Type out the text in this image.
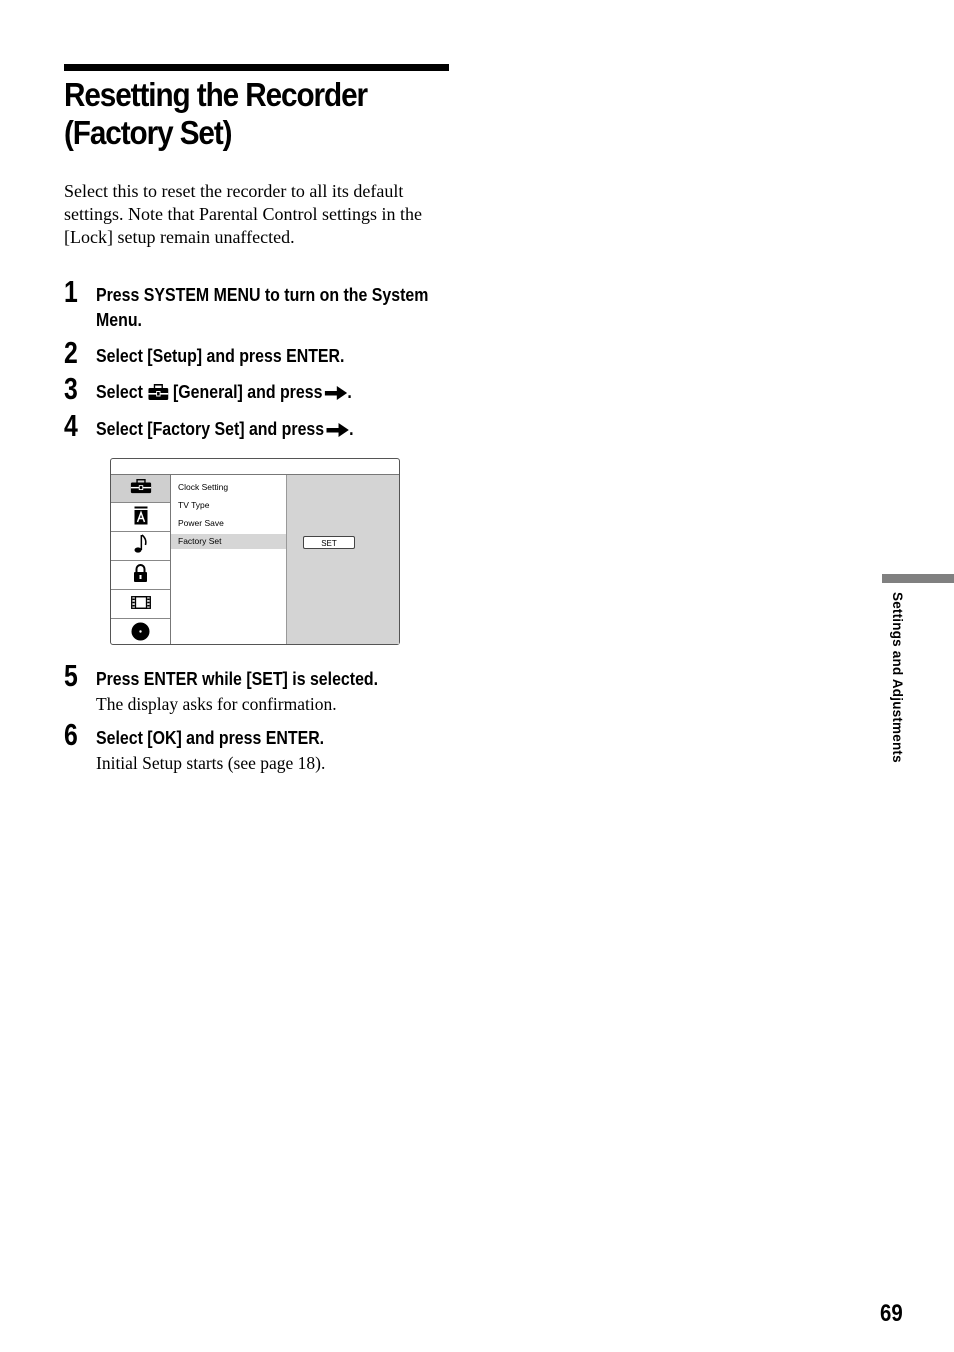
Resetting the Recorder
(Factory Set)

Select this to reset the recorder to all its default settings. Note that Parental Control settings in the [Lock] setup remain unaffected.

1 Press SYSTEM MENU to turn on the System Menu.
2 Select [Setup] and press ENTER.
3 Select [General] and press .
4 Select [Factory Set] and press .
Clock Setting
TV Type
Power Save
Factory Set	SET
5 Press ENTER while [SET] is selected.
The display asks for confirmation.
6 Select [OK] and press ENTER.
Initial Setup starts (see page 18).
Settings and Adjustments
69
